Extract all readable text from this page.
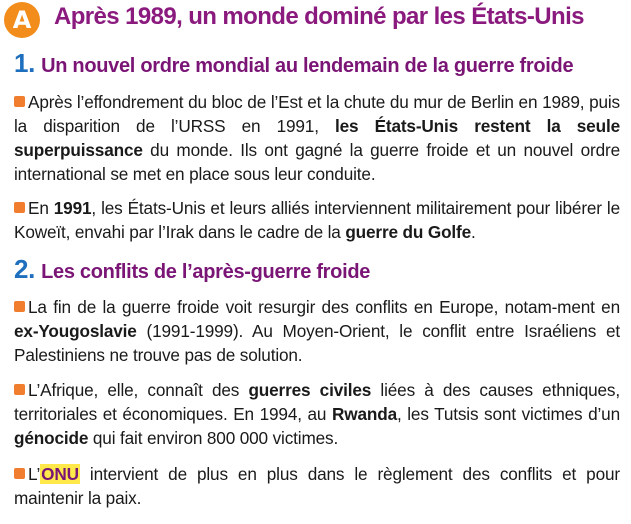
A Après 1989, un monde dominé par les États-Unis
1. Un nouvel ordre mondial au lendemain de la guerre froide
Après l’effondrement du bloc de l’Est et la chute du mur de Berlin en 1989, puis la disparition de l’URSS en 1991, les États-Unis restent la seule superpuissance du monde. Ils ont gagné la guerre froide et un nouvel ordre international se met en place sous leur conduite.
En 1991, les États-Unis et leurs alliés interviennent militairement pour libérer le Koweït, envahi par l’Irak dans le cadre de la guerre du Golfe.
2. Les conflits de l’après-guerre froide
La fin de la guerre froide voit resurgir des conflits en Europe, notam-ment en ex-Yougoslavie (1991-1999). Au Moyen-Orient, le conflit entre Israéliens et Palestiniens ne trouve pas de solution.
L’Afrique, elle, connaît des guerres civiles liées à des causes ethniques, territoriales et économiques. En 1994, au Rwanda, les Tutsis sont victimes d’un génocide qui fait environ 800 000 victimes.
L’ONU intervient de plus en plus dans le règlement des conflits et pour maintenir la paix.
